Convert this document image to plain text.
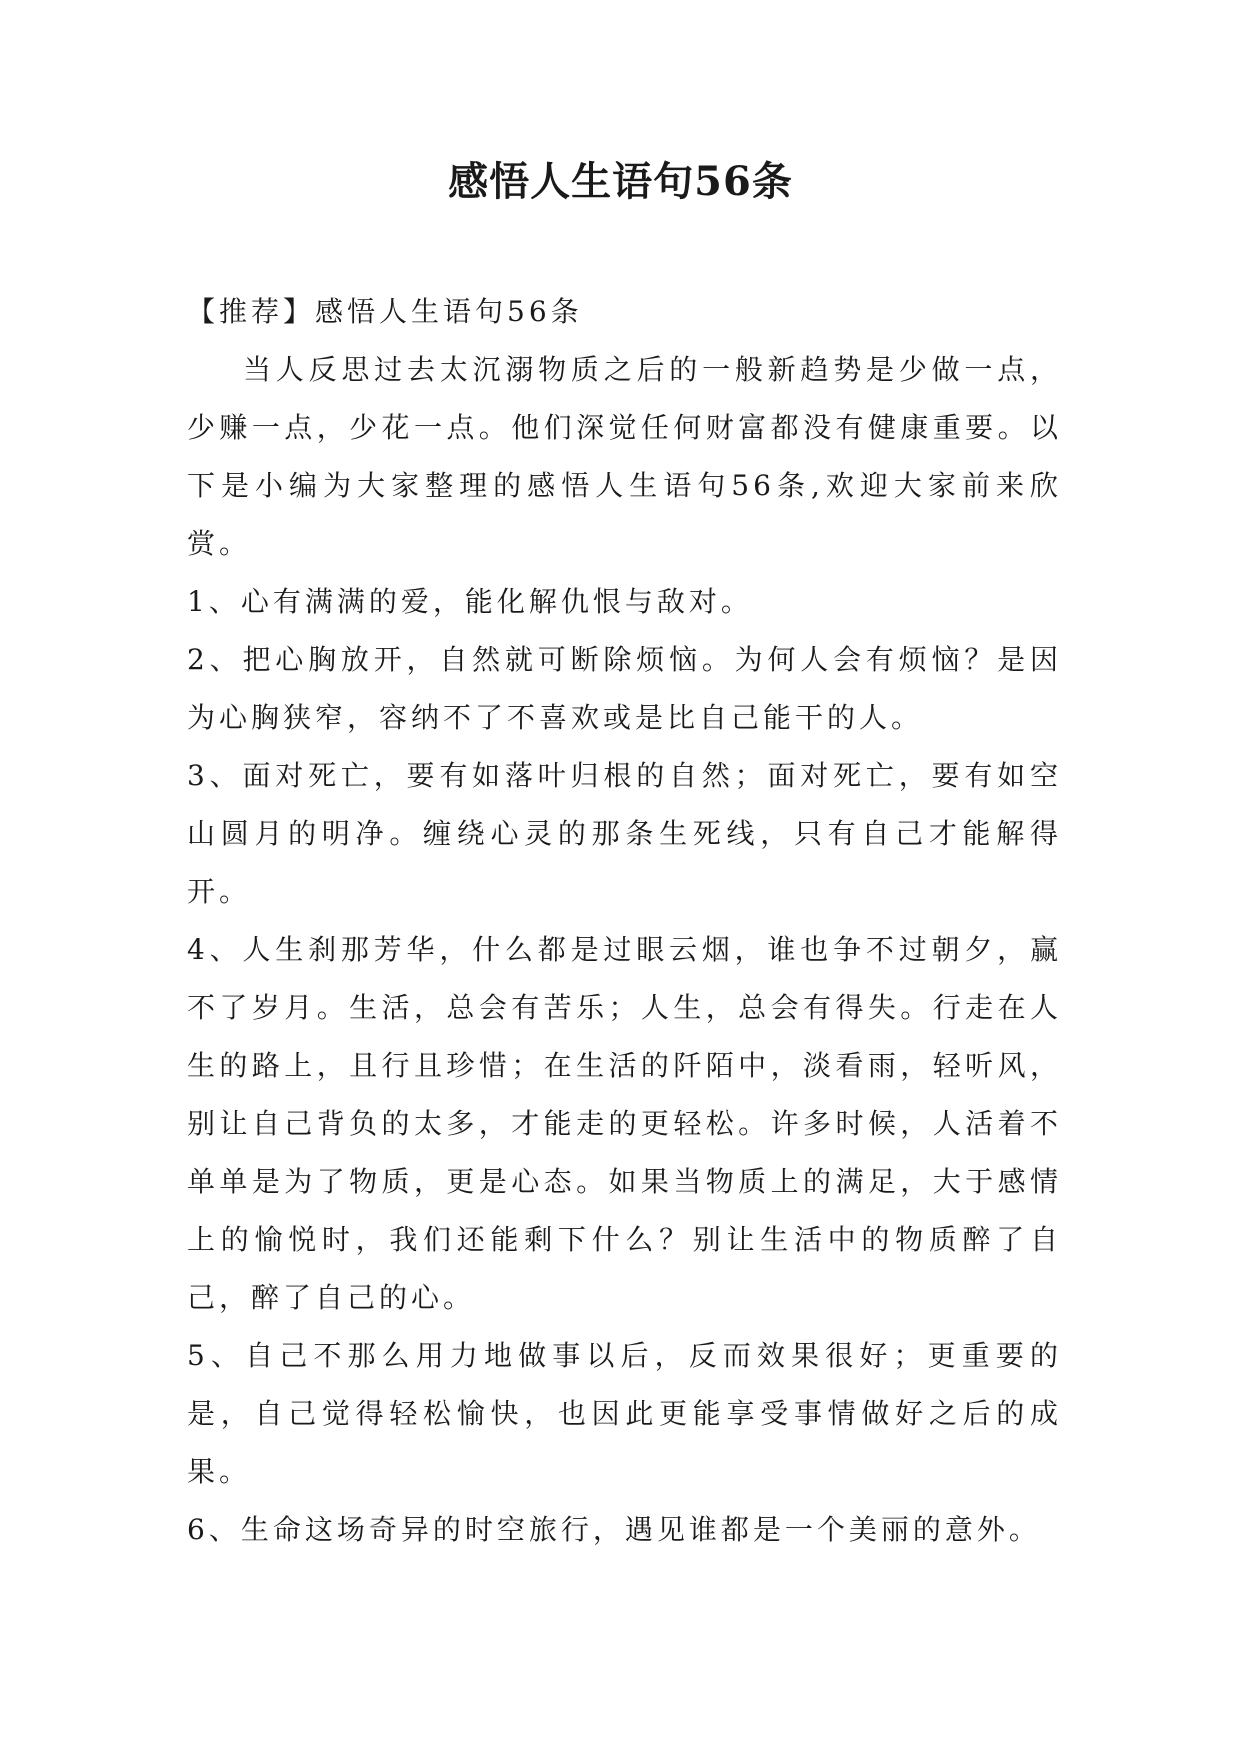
感悟人生语句56条

【推荐】感悟人生语句56条

当人反思过去太沉溺物质之后的一般新趋势是少做一点，少赚一点，少花一点。他们深觉任何财富都没有健康重要。以下是小编为大家整理的感悟人生语句56条,欢迎大家前来欣赏。

1、心有满满的爱，能化解仇恨与敌对。

2、把心胸放开，自然就可断除烦恼。为何人会有烦恼？是因为心胸狭窄，容纳不了不喜欢或是比自己能干的人。

3、面对死亡，要有如落叶归根的自然；面对死亡，要有如空山圆月的明净。缠绕心灵的那条生死线，只有自己才能解得开。

4、人生刹那芳华，什么都是过眼云烟，谁也争不过朝夕，赢不了岁月。生活，总会有苦乐；人生，总会有得失。行走在人生的路上，且行且珍惜；在生活的阡陌中，淡看雨，轻听风，别让自己背负的太多，才能走的更轻松。许多时候，人活着不单单是为了物质，更是心态。如果当物质上的满足，大于感情上的愉悦时，我们还能剩下什么？别让生活中的物质醉了自己，醉了自己的心。

5、自己不那么用力地做事以后，反而效果很好；更重要的是，自己觉得轻松愉快，也因此更能享受事情做好之后的成果。

6、生命这场奇异的时空旅行，遇见谁都是一个美丽的意外。
